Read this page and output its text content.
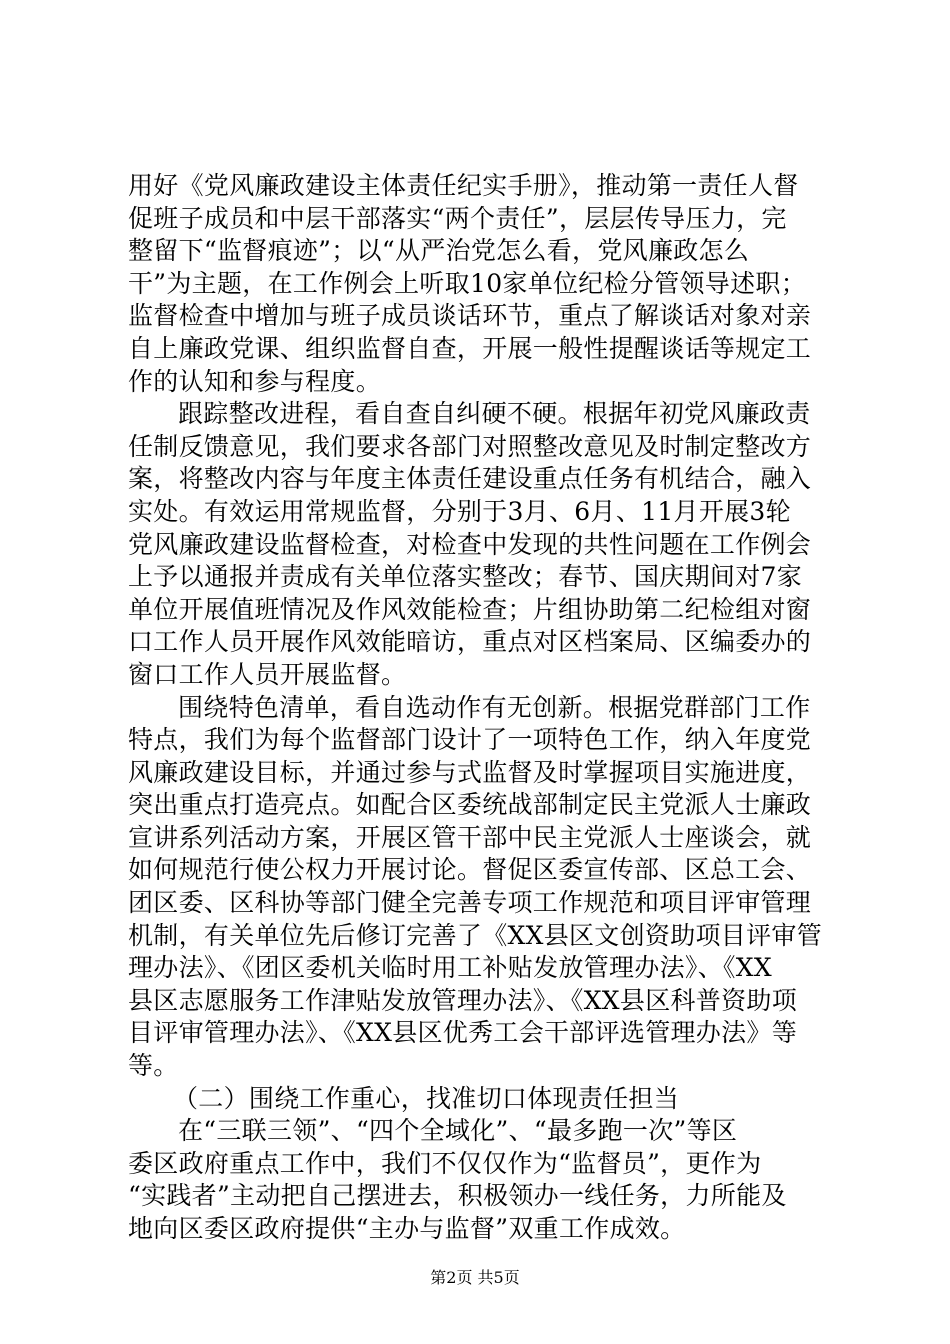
用好《党风廉政建设主体责任纪实手册》，推动第一责任人督
促班子成员和中层干部落实“两个责任”，层层传导压力，完
整留下“监督痕迹”；以“从严治党怎么看，党风廉政怎么
干”为主题，在工作例会上听取10家单位纪检分管领导述职；
监督检查中增加与班子成员谈话环节，重点了解谈话对象对亲
自上廉政党课、组织监督自查，开展一般性提醒谈话等规定工
作的认知和参与程度。
跟踪整改进程，看自查自纠硬不硬。根据年初党风廉政责
任制反馈意见，我们要求各部门对照整改意见及时制定整改方
案，将整改内容与年度主体责任建设重点任务有机结合，融入
实处。有效运用常规监督，分别于3月、6月、11月开展3轮
党风廉政建设监督检查，对检查中发现的共性问题在工作例会
上予以通报并责成有关单位落实整改；春节、国庆期间对7家
单位开展值班情况及作风效能检查；片组协助第二纪检组对窗
口工作人员开展作风效能暗访，重点对区档案局、区编委办的
窗口工作人员开展监督。
围绕特色清单，看自选动作有无创新。根据党群部门工作
特点，我们为每个监督部门设计了一项特色工作，纳入年度党
风廉政建设目标，并通过参与式监督及时掌握项目实施进度，
突出重点打造亮点。如配合区委统战部制定民主党派人士廉政
宣讲系列活动方案，开展区管干部中民主党派人士座谈会，就
如何规范行使公权力开展讨论。督促区委宣传部、区总工会、
团区委、区科协等部门健全完善专项工作规范和项目评审管理
机制，有关单位先后修订完善了《XX县区文创资助项目评审管
理办法》、《团区委机关临时用工补贴发放管理办法》、《XX
县区志愿服务工作津贴发放管理办法》、《XX县区科普资助项
目评审管理办法》、《XX县区优秀工会干部评选管理办法》等
等。
（二）围绕工作重心，找准切口体现责任担当
在“三联三领”、“四个全域化”、“最多跑一次”等区
委区政府重点工作中，我们不仅仅作为“监督员”，更作为
“实践者”主动把自己摆进去，积极领办一线任务，力所能及
地向区委区政府提供“主办与监督”双重工作成效。
第2页 共5页
